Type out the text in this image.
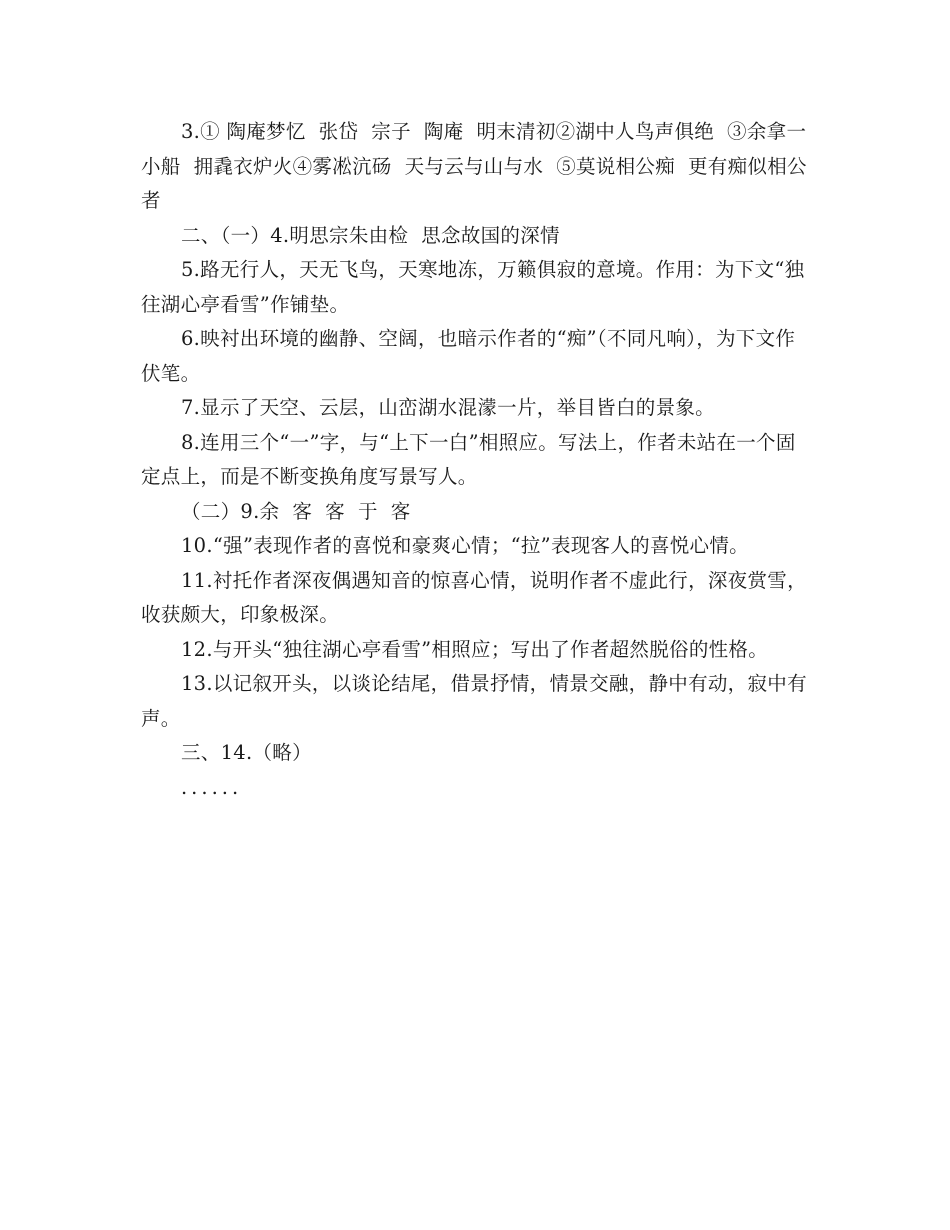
3.① 陶庵梦忆  张岱  宗子  陶庵  明末清初②湖中人鸟声俱绝  ③余拿一小船  拥毳衣炉火④雾凇沆砀  天与云与山与水  ⑤莫说相公痴  更有痴似相公者

二、（一）4.明思宗朱由检  思念故国的深情

5.路无行人，天无飞鸟，天寒地冻，万籁俱寂的意境。作用：为下文“独往湖心亭看雪”作铺垫。

6.映衬出环境的幽静、空阔，也暗示作者的“痴”（不同凡响），为下文作伏笔。

7.显示了天空、云层，山峦湖水混濛一片，举目皆白的景象。

8.连用三个“一”字，与“上下一白”相照应。写法上，作者未站在一个固定点上，而是不断变换角度写景写人。

（二）9.余  客  客  于  客

10.“强”表现作者的喜悦和豪爽心情；“拉”表现客人的喜悦心情。

11.衬托作者深夜偶遇知音的惊喜心情，说明作者不虚此行，深夜赏雪，收获颇大，印象极深。

12.与开头“独往湖心亭看雪”相照应；写出了作者超然脱俗的性格。

13.以记叙开头，以谈论结尾，借景抒情，情景交融，静中有动，寂中有声。

三、14.（略）

......
